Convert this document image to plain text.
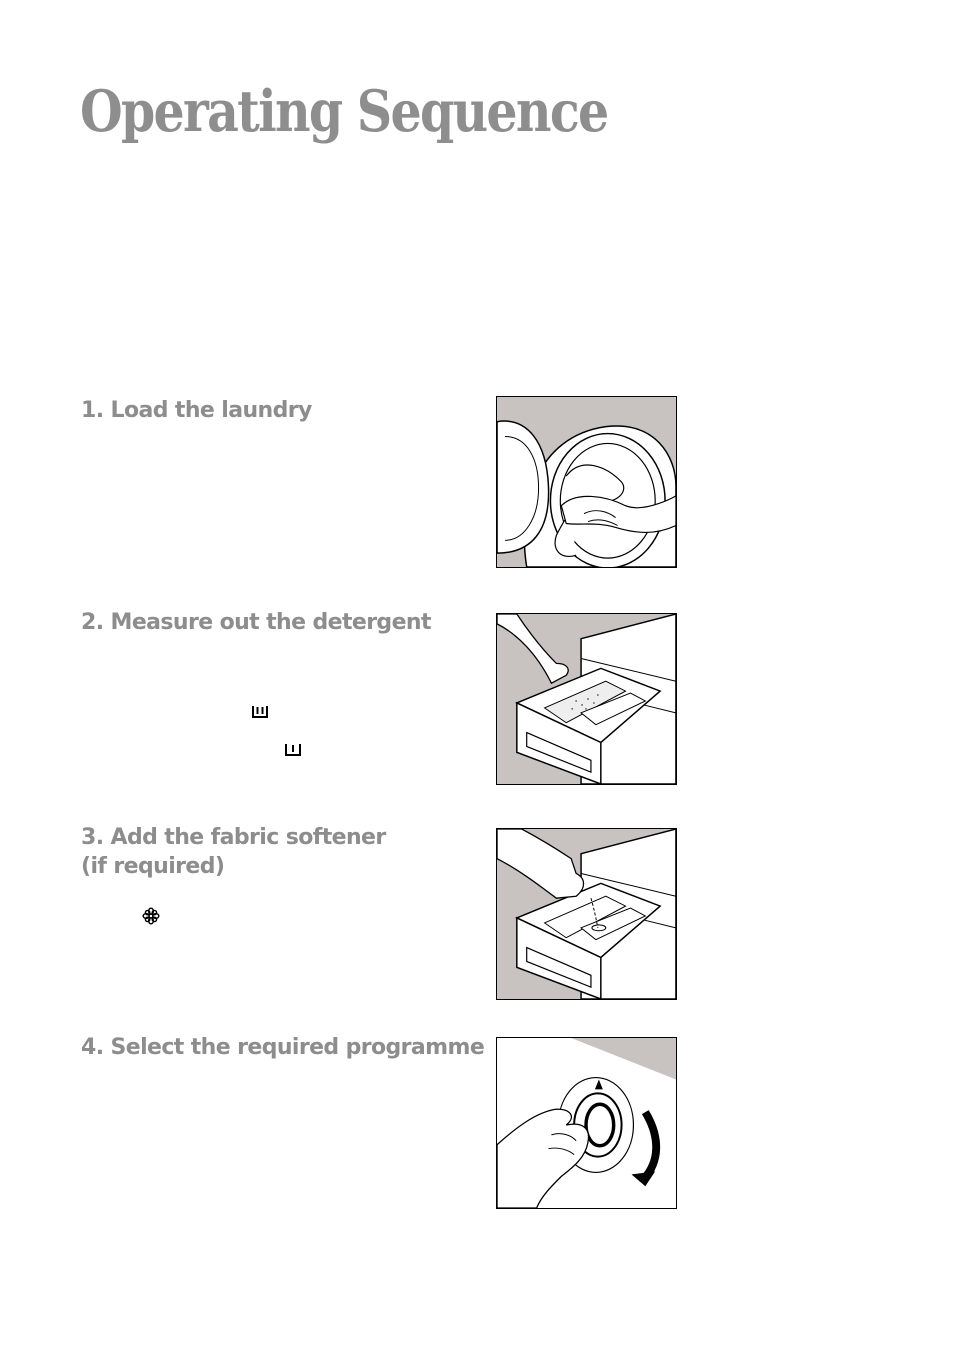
Operating Sequence
1. Load the laundry
2. Measure out the detergent
3. Add the fabric softener
(if required)
4. Select the required programme
